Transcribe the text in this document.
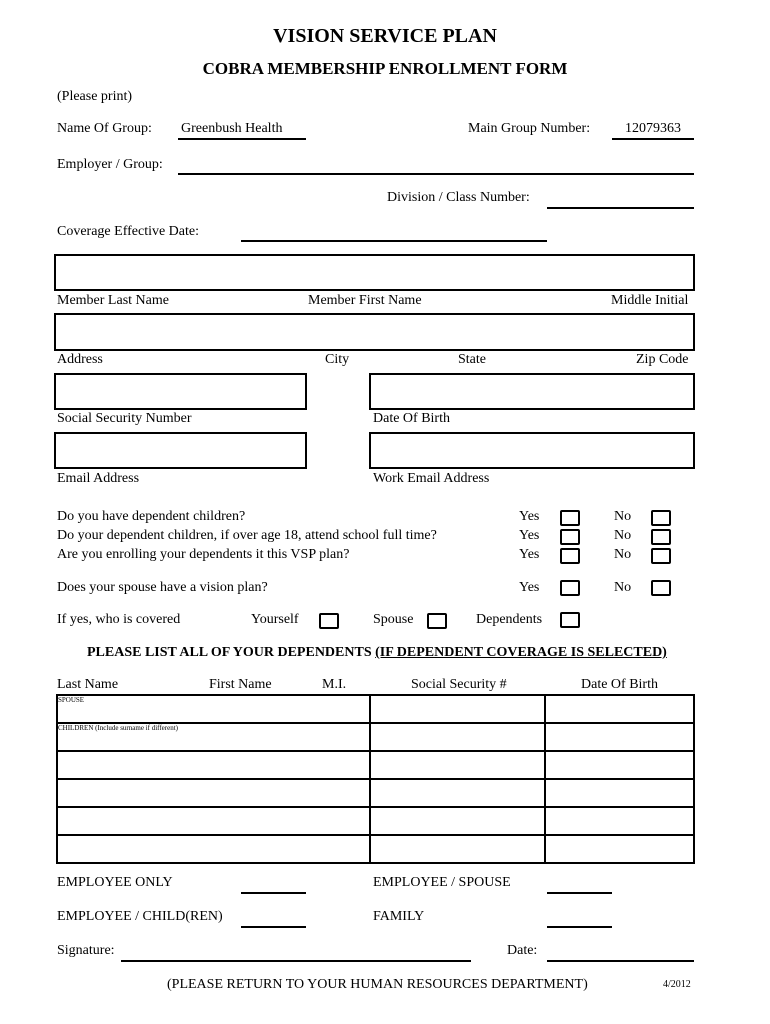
VISION SERVICE PLAN
COBRA MEMBERSHIP ENROLLMENT FORM
(Please print)
Name Of Group: Greenbush Health	Main Group Number: 12079363
Employer / Group:
Division / Class Number:
Coverage Effective Date:
Member Last Name	Member First Name	Middle Initial
Address	City	State	Zip Code
Social Security Number	Date Of Birth
Email Address	Work Email Address
Do you have dependent children?	Yes	No
Do your dependent children, if over age 18, attend school full time?	Yes	No
Are you enrolling your dependents it this VSP plan?	Yes	No
Does your spouse have a vision plan?	Yes	No
If yes, who is covered	Yourself	Spouse	Dependents
PLEASE LIST ALL OF YOUR DEPENDENTS (IF DEPENDENT COVERAGE IS SELECTED)
Last Name	First Name	M.I.	Social Security #	Date Of Birth
SPOUSE		

CHILDREN (Include surname if different)		

EMPLOYEE ONLY	EMPLOYEE / SPOUSE
EMPLOYEE / CHILD(REN)	FAMILY
Signature:	Date:
(PLEASE RETURN TO YOUR HUMAN RESOURCES DEPARTMENT)	4/2012
